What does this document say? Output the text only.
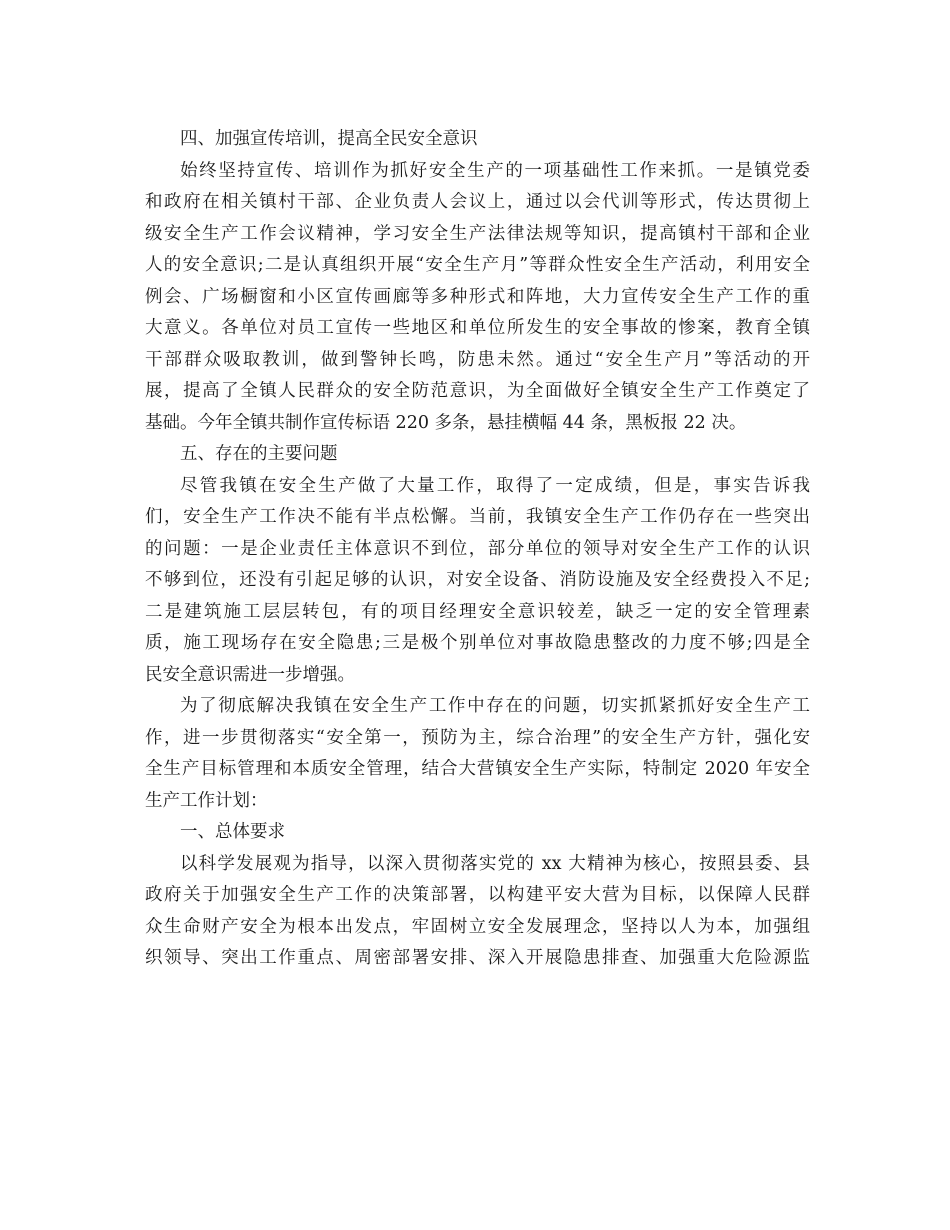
四、加强宣传培训，提高全民安全意识
始终坚持宣传、培训作为抓好安全生产的一项基础性工作来抓。一是镇党委
和政府在相关镇村干部、企业负责人会议上，通过以会代训等形式，传达贯彻上
级安全生产工作会议精神，学习安全生产法律法规等知识，提高镇村干部和企业
人的安全意识;二是认真组织开展“安全生产月”等群众性安全生产活动，利用安全
例会、广场橱窗和小区宣传画廊等多种形式和阵地，大力宣传安全生产工作的重
大意义。各单位对员工宣传一些地区和单位所发生的安全事故的惨案，教育全镇
干部群众吸取教训，做到警钟长鸣，防患未然。通过“安全生产月”等活动的开
展，提高了全镇人民群众的安全防范意识，为全面做好全镇安全生产工作奠定了
基础。今年全镇共制作宣传标语 220 多条，悬挂横幅 44 条，黑板报 22 决。
五、存在的主要问题
尽管我镇在安全生产做了大量工作，取得了一定成绩，但是，事实告诉我
们，安全生产工作决不能有半点松懈。当前，我镇安全生产工作仍存在一些突出
的问题：一是企业责任主体意识不到位，部分单位的领导对安全生产工作的认识
不够到位，还没有引起足够的认识，对安全设备、消防设施及安全经费投入不足;
二是建筑施工层层转包，有的项目经理安全意识较差，缺乏一定的安全管理素
质，施工现场存在安全隐患;三是极个别单位对事故隐患整改的力度不够;四是全
民安全意识需进一步增强。
为了彻底解决我镇在安全生产工作中存在的问题，切实抓紧抓好安全生产工
作，进一步贯彻落实“安全第一，预防为主，综合治理”的安全生产方针，强化安
全生产目标管理和本质安全管理，结合大营镇安全生产实际，特制定 2020 年安全
生产工作计划：
一、总体要求
以科学发展观为指导，以深入贯彻落实党的 xx 大精神为核心，按照县委、县
政府关于加强安全生产工作的决策部署，以构建平安大营为目标，以保障人民群
众生命财产安全为根本出发点，牢固树立安全发展理念，坚持以人为本，加强组
织领导、突出工作重点、周密部署安排、深入开展隐患排查、加强重大危险源监
